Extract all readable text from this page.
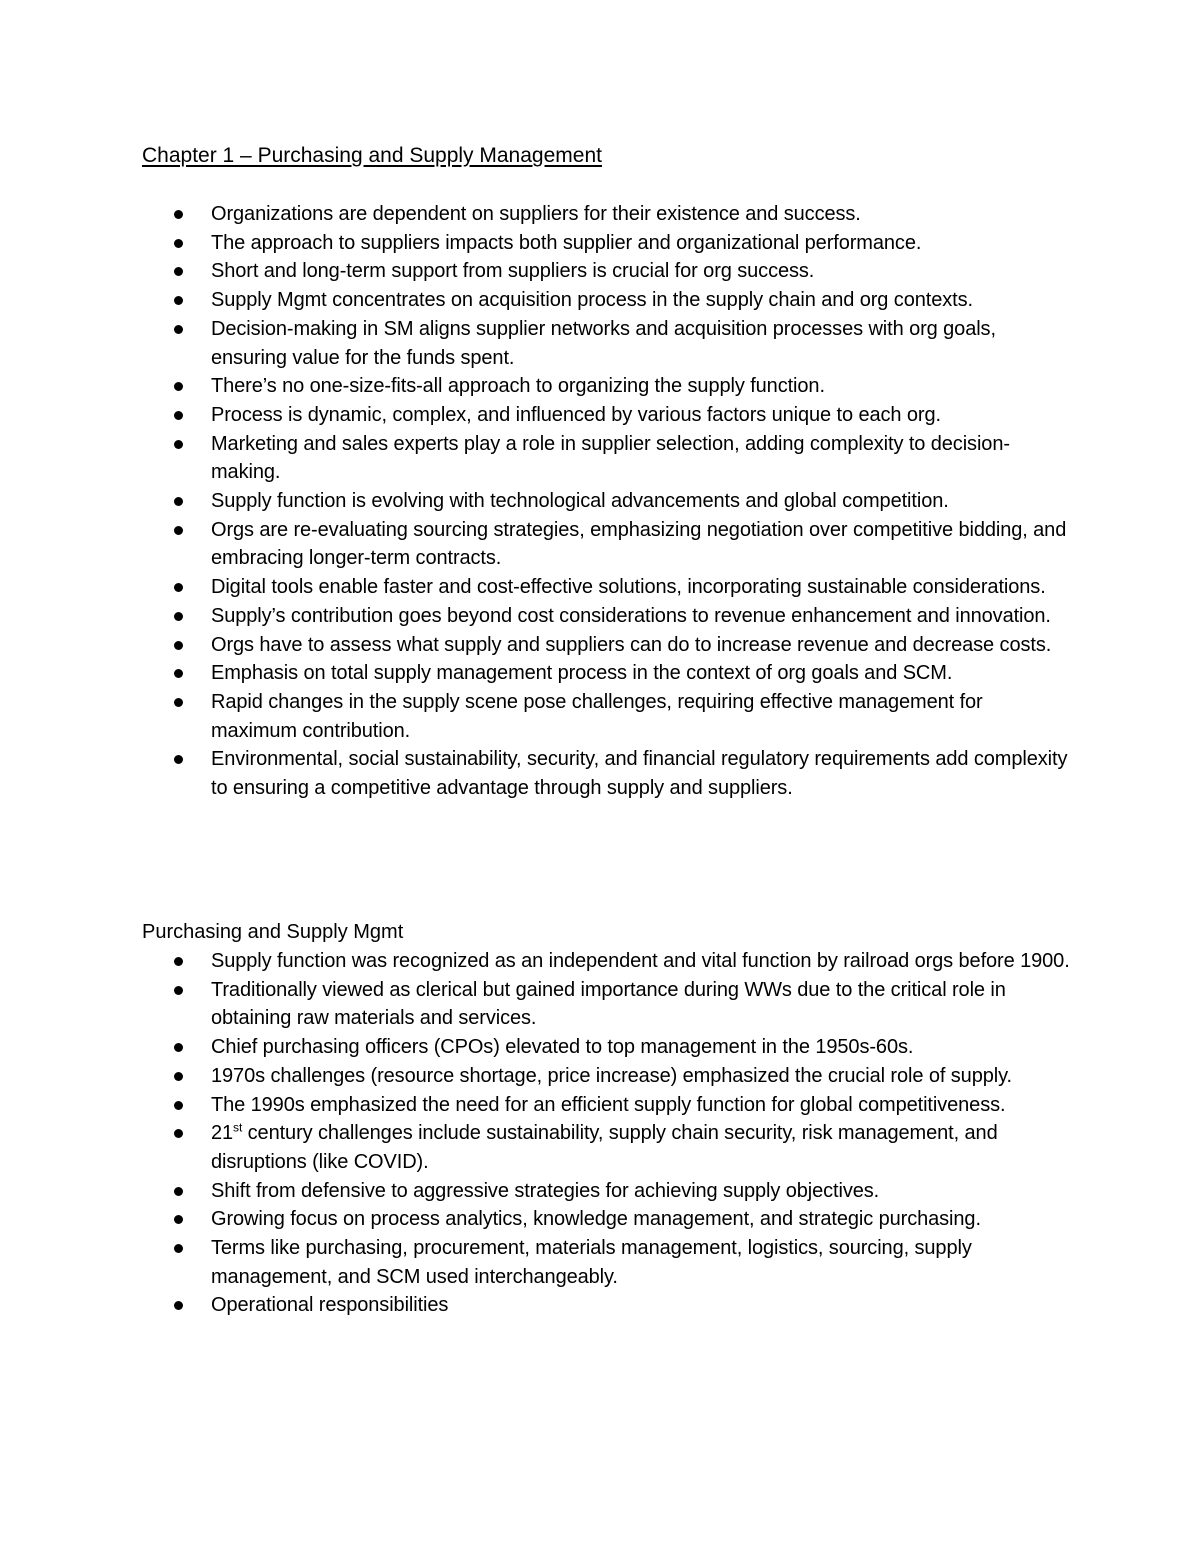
Chapter 1 – Purchasing and Supply Management
Organizations are dependent on suppliers for their existence and success.
The approach to suppliers impacts both supplier and organizational performance.
Short and long-term support from suppliers is crucial for org success.
Supply Mgmt concentrates on acquisition process in the supply chain and org contexts.
Decision-making in SM aligns supplier networks and acquisition processes with org goals, ensuring value for the funds spent.
There’s no one-size-fits-all approach to organizing the supply function.
Process is dynamic, complex, and influenced by various factors unique to each org.
Marketing and sales experts play a role in supplier selection, adding complexity to decision-making.
Supply function is evolving with technological advancements and global competition.
Orgs are re-evaluating sourcing strategies, emphasizing negotiation over competitive bidding, and embracing longer-term contracts.
Digital tools enable faster and cost-effective solutions, incorporating sustainable considerations.
Supply’s contribution goes beyond cost considerations to revenue enhancement and innovation.
Orgs have to assess what supply and suppliers can do to increase revenue and decrease costs.
Emphasis on total supply management process in the context of org goals and SCM.
Rapid changes in the supply scene pose challenges, requiring effective management for maximum contribution.
Environmental, social sustainability, security, and financial regulatory requirements add complexity to ensuring a competitive advantage through supply and suppliers.
Purchasing and Supply Mgmt
Supply function was recognized as an independent and vital function by railroad orgs before 1900.
Traditionally viewed as clerical but gained importance during WWs due to the critical role in obtaining raw materials and services.
Chief purchasing officers (CPOs) elevated to top management in the 1950s-60s.
1970s challenges (resource shortage, price increase) emphasized the crucial role of supply.
The 1990s emphasized the need for an efficient supply function for global competitiveness.
21st century challenges include sustainability, supply chain security, risk management, and disruptions (like COVID).
Shift from defensive to aggressive strategies for achieving supply objectives.
Growing focus on process analytics, knowledge management, and strategic purchasing.
Terms like purchasing, procurement, materials management, logistics, sourcing, supply management, and SCM used interchangeably.
Operational responsibilities
